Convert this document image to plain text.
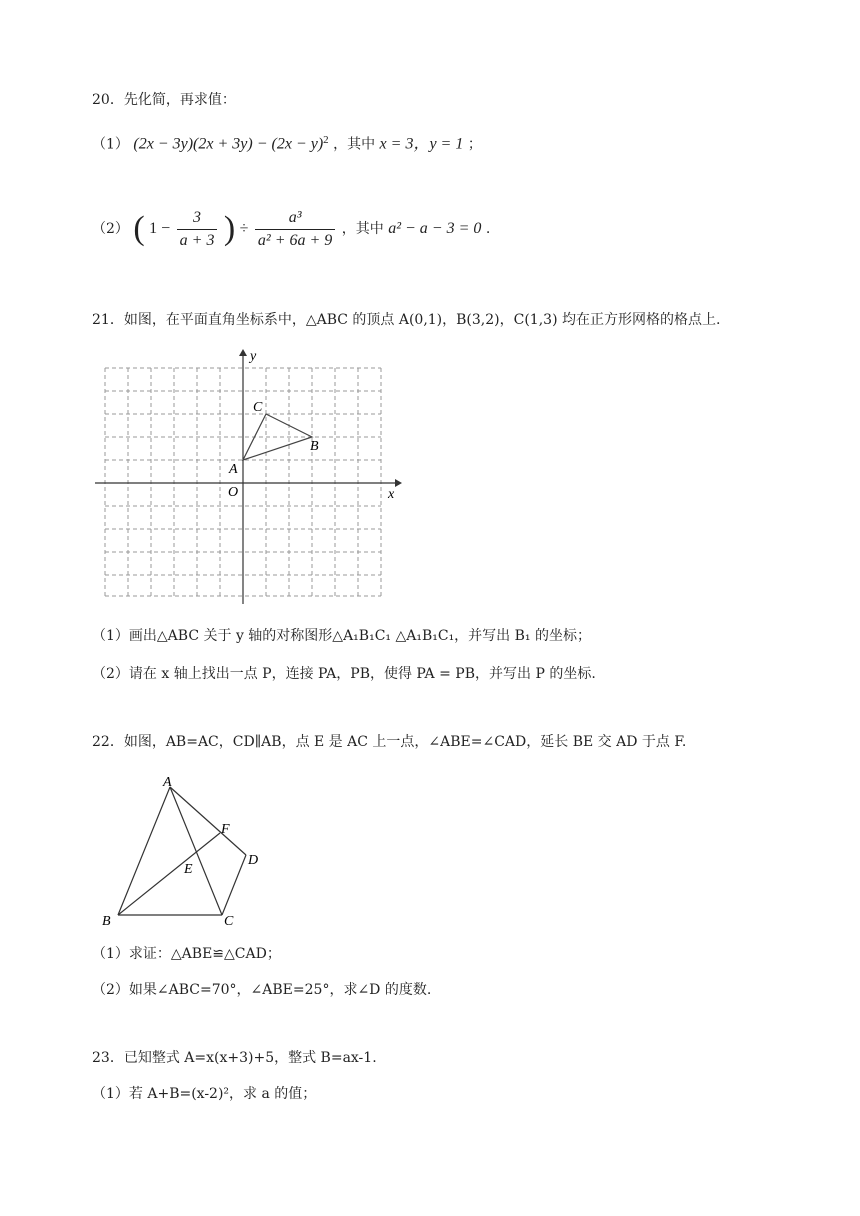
20．先化简，再求值：
（1） $(2x - 3y)(2x + 3y) - (2x - y)^2$ ，其中 x = 3，y = 1 ；
（2） ( $1 - \frac{3}{a + 3}$ ) ÷ $\frac{\text{a³}}{\text{a² + 6a + 9}}$ ，其中 a² − a − 3 = 0 .
21．如图，在平面直角坐标系中，△ABC 的顶点 A(0,1)，B(3,2)，C(1,3) 均在正方形网格的格点上.
x
y
O
A
B
C
（1）画出△ABC 关于 y 轴的对称图形△A₁B₁C₁ △A₁B₁C₁，并写出 B₁ 的坐标；
（2）请在 x 轴上找出一点 P，连接 PA，PB，使得 PA = PB，并写出 P 的坐标.
22．如图，AB=AC，CD∥AB，点 E 是 AC 上一点，∠ABE=∠CAD，延长 BE 交 AD 于点 F.
A
B	C
D
E
F
（1）求证：△ABE≌△CAD；
（2）如果∠ABC=70°，∠ABE=25°，求∠D 的度数.
23．已知整式 A=x(x+3)+5，整式 B=ax-1.
（1）若 A+B=(x-2)²，求 a 的值；
